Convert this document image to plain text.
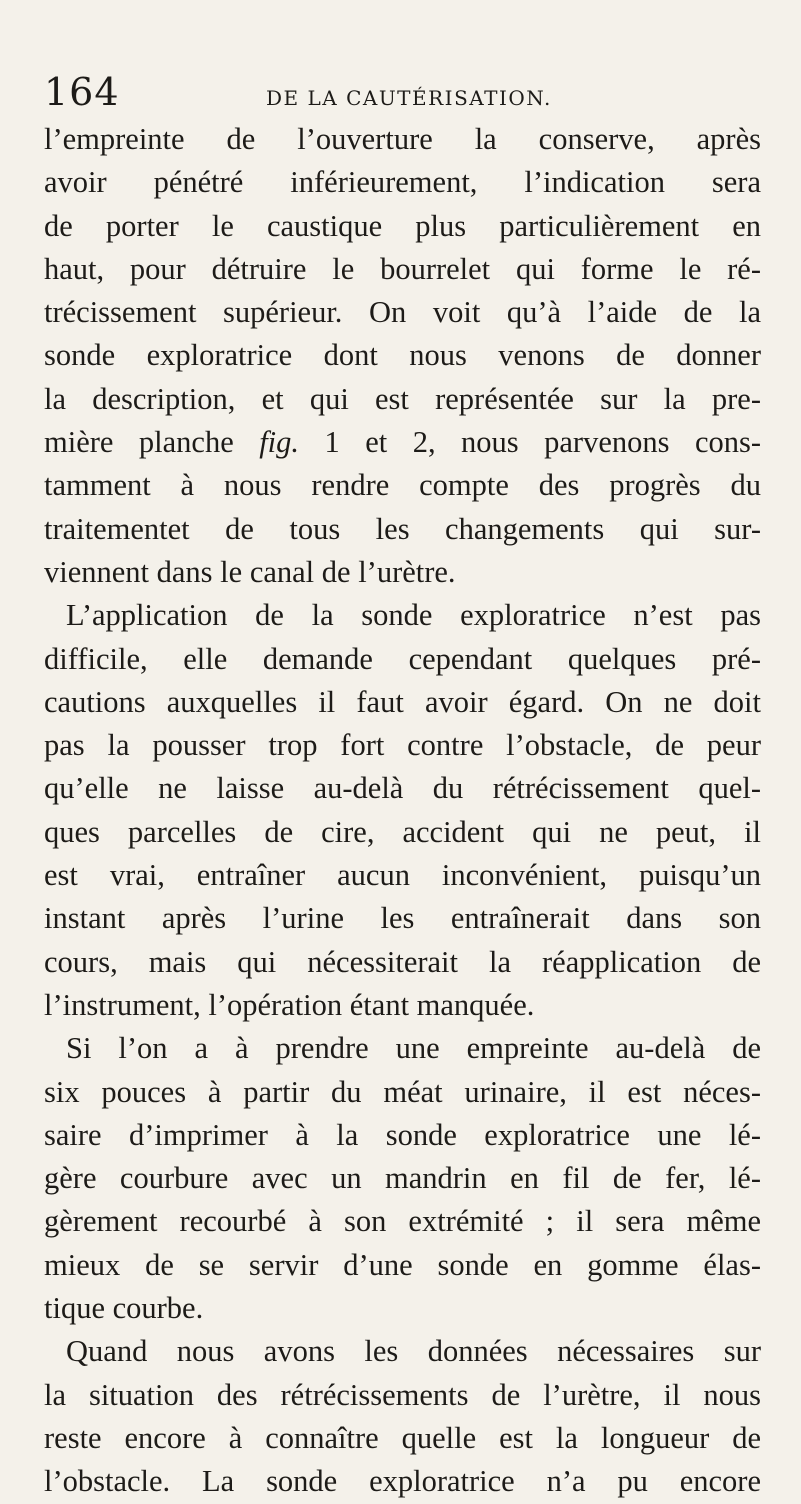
164	DE LA CAUTÉRISATION.
l’empreinte de l’ouverture la conserve, après
avoir pénétré inférieurement, l’indication sera
de porter le caustique plus particulièrement en
haut, pour détruire le bourrelet qui forme le ré-
trécissement supérieur. On voit qu’à l’aide de la
sonde exploratrice dont nous venons de donner
la description, et qui est représentée sur la pre-
mière planche fig. 1 et 2, nous parvenons cons-
tamment à nous rendre compte des progrès du
traitementet de tous les changements qui sur-
viennent dans le canal de l’urètre.
L’application de la sonde exploratrice n’est pas
difficile, elle demande cependant quelques pré-
cautions auxquelles il faut avoir égard. On ne doit
pas la pousser trop fort contre l’obstacle, de peur
qu’elle ne laisse au-delà du rétrécissement quel-
ques parcelles de cire, accident qui ne peut, il
est vrai, entraîner aucun inconvénient, puisqu’un
instant après l’urine les entraînerait dans son
cours, mais qui nécessiterait la réapplication de
l’instrument, l’opération étant manquée.
Si l’on a à prendre une empreinte au-delà de
six pouces à partir du méat urinaire, il est néces-
saire d’imprimer à la sonde exploratrice une lé-
gère courbure avec un mandrin en fil de fer, lé-
gèrement recourbé à son extrémité ; il sera même
mieux de se servir d’une sonde en gomme élas-
tique courbe.
Quand nous avons les données nécessaires sur
la situation des rétrécissements de l’urètre, il nous
reste encore à connaître quelle est la longueur de
l’obstacle. La sonde exploratrice n’a pu encore
